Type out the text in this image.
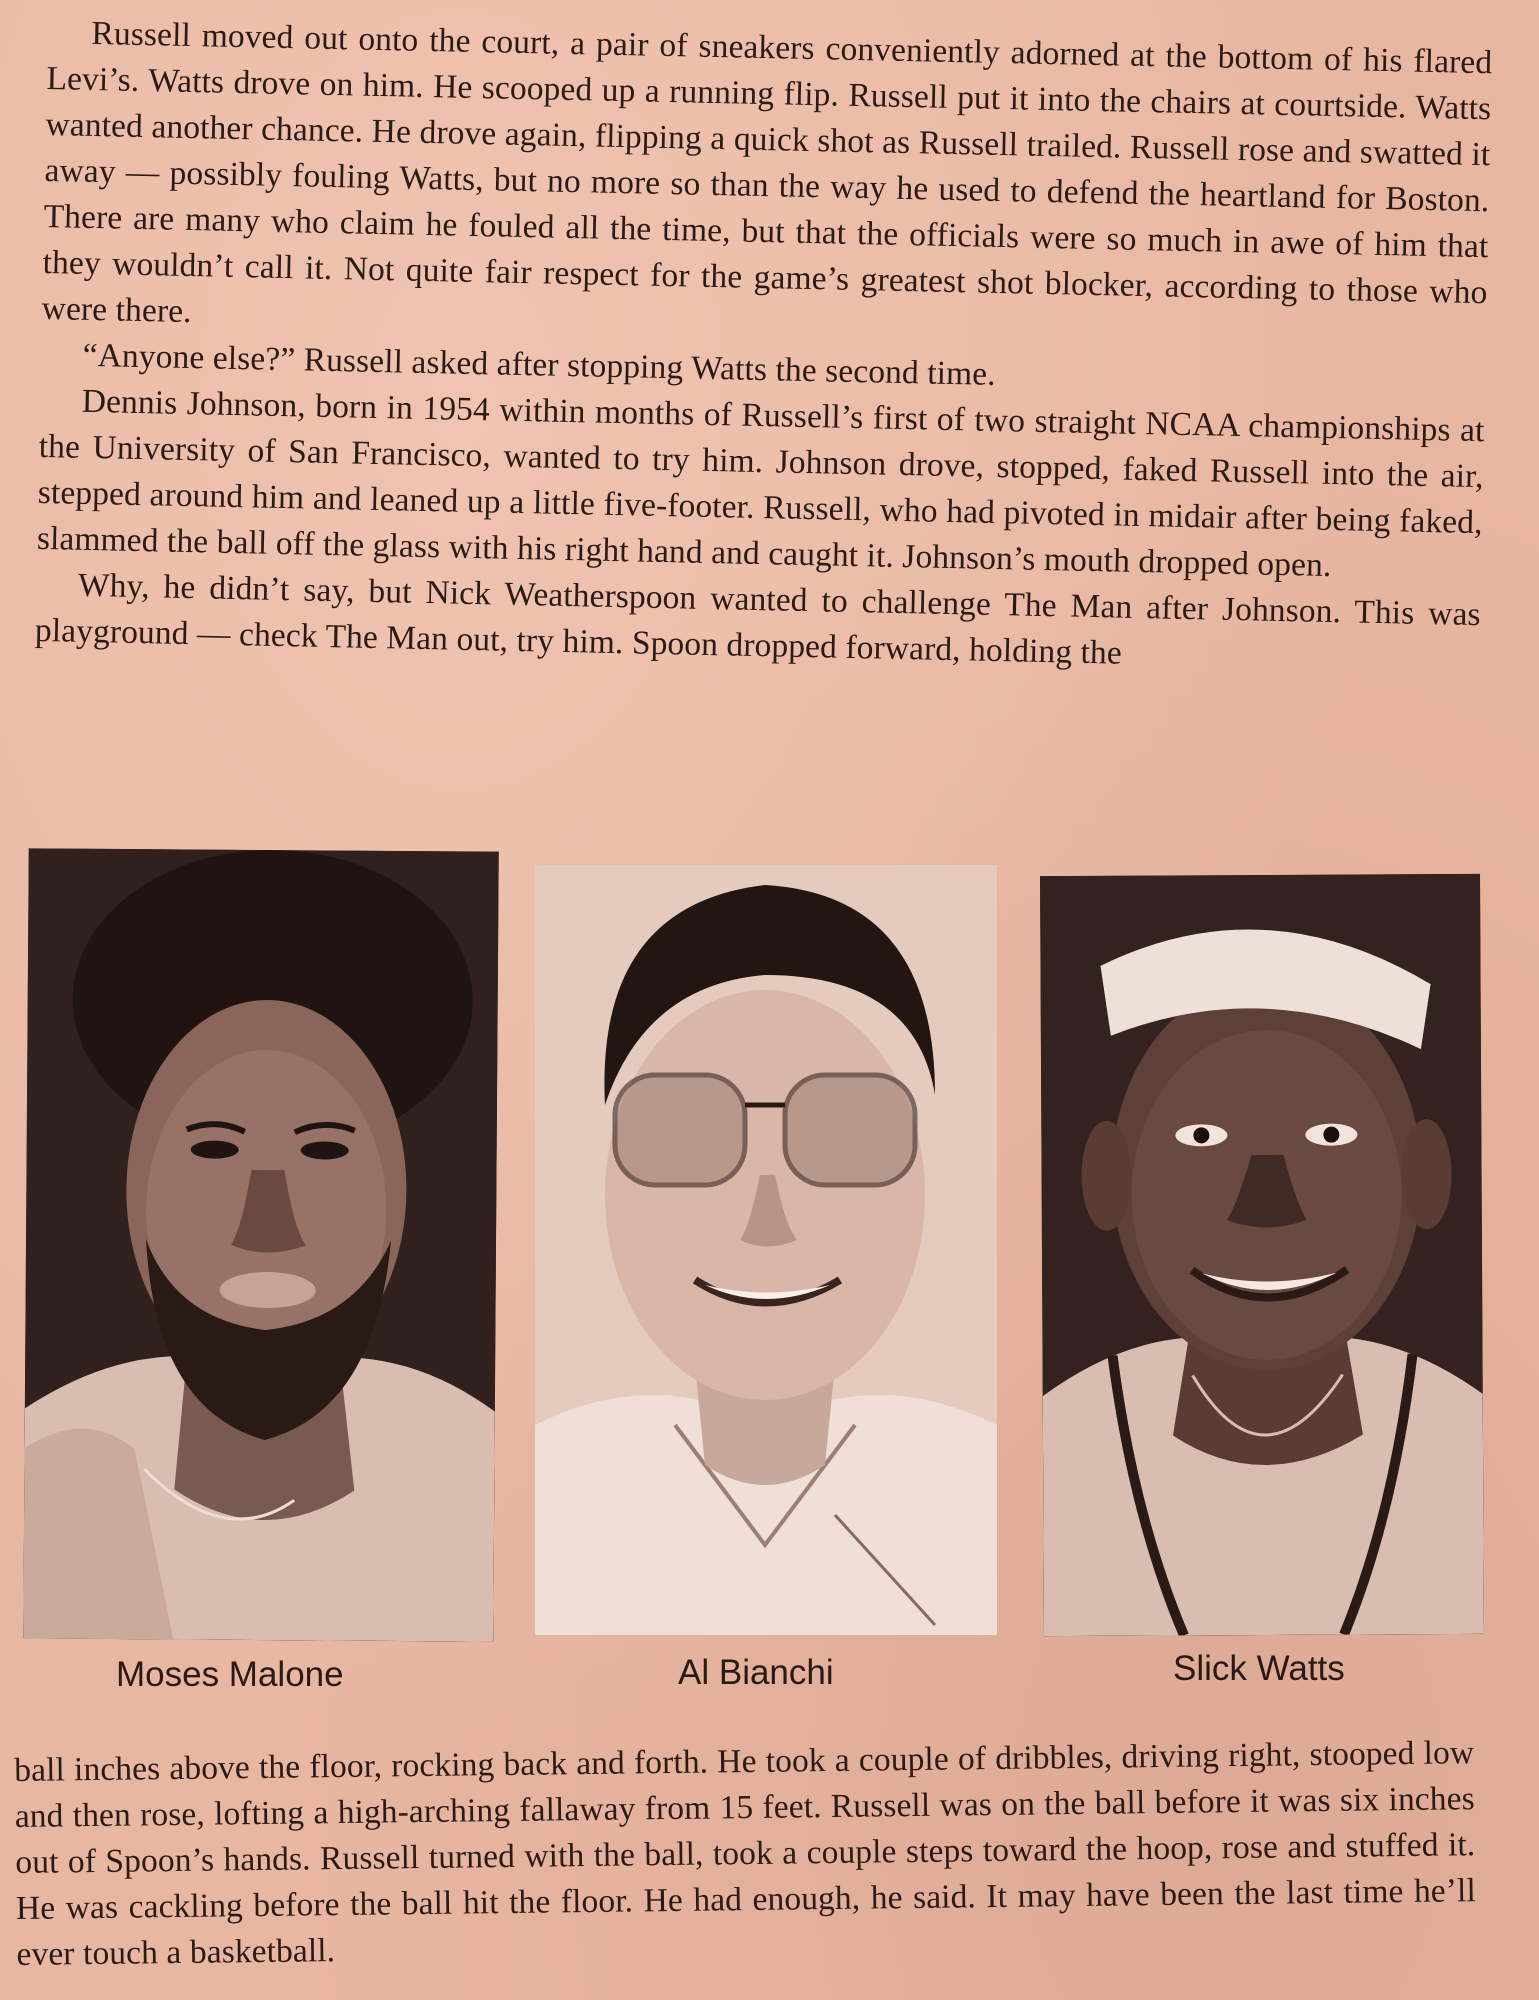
Russell moved out onto the court, a pair of sneakers conveniently adorned at the bottom of his flared Levi’s. Watts drove on him. He scooped up a running flip. Russell put it into the chairs at courtside. Watts wanted another chance. He drove again, flipping a quick shot as Russell trailed. Russell rose and swatted it away — possibly fouling Watts, but no more so than the way he used to defend the heartland for Boston. There are many who claim he fouled all the time, but that the officials were so much in awe of him that they wouldn’t call it. Not quite fair respect for the game’s greatest shot blocker, according to those who were there.

“Anyone else?” Russell asked after stopping Watts the second time.

Dennis Johnson, born in 1954 within months of Russell’s first of two straight NCAA championships at the University of San Francisco, wanted to try him. Johnson drove, stopped, faked Russell into the air, stepped around him and leaned up a little five-footer. Russell, who had pivoted in midair after being faked, slammed the ball off the glass with his right hand and caught it. Johnson’s mouth dropped open.

Why, he didn’t say, but Nick Weatherspoon wanted to challenge The Man after Johnson. This was playground — check The Man out, try him. Spoon dropped forward, holding the

Moses Malone	Al Bianchi	Slick Watts

ball inches above the floor, rocking back and forth. He took a couple of dribbles, driving right, stooped low and then rose, lofting a high-arching fallaway from 15 feet. Russell was on the ball before it was six inches out of Spoon’s hands. Russell turned with the ball, took a couple steps toward the hoop, rose and stuffed it. He was cackling before the ball hit the floor. He had enough, he said. It may have been the last time he’ll ever touch a basketball.
